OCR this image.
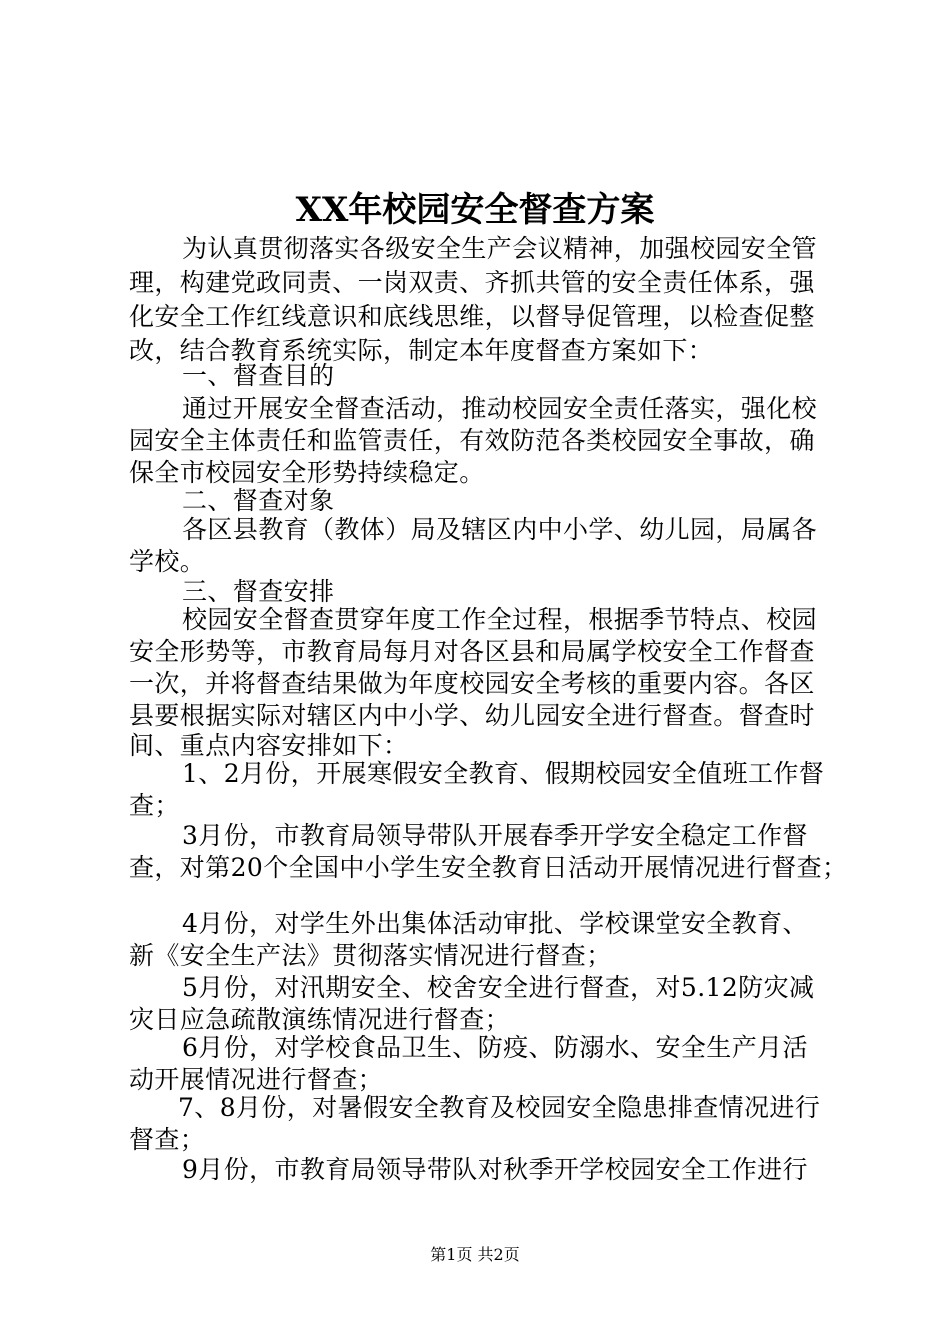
XX年校园安全督查方案
为认真贯彻落实各级安全生产会议精神，加强校园安全管
理，构建党政同责、一岗双责、齐抓共管的安全责任体系，强
化安全工作红线意识和底线思维，以督导促管理，以检查促整
改，结合教育系统实际，制定本年度督查方案如下：
一、督查目的
通过开展安全督查活动，推动校园安全责任落实，强化校
园安全主体责任和监管责任，有效防范各类校园安全事故，确
保全市校园安全形势持续稳定。
二、督查对象
各区县教育（教体）局及辖区内中小学、幼儿园，局属各
学校。
三、督查安排
校园安全督查贯穿年度工作全过程，根据季节特点、校园
安全形势等，市教育局每月对各区县和局属学校安全工作督查
一次，并将督查结果做为年度校园安全考核的重要内容。各区
县要根据实际对辖区内中小学、幼儿园安全进行督查。督查时
间、重点内容安排如下：
1、2月份，开展寒假安全教育、假期校园安全值班工作督
查；
3月份，市教育局领导带队开展春季开学安全稳定工作督
查，对第20个全国中小学生安全教育日活动开展情况进行督查；
4月份，对学生外出集体活动审批、学校课堂安全教育、
新《安全生产法》贯彻落实情况进行督查；
5月份，对汛期安全、校舍安全进行督查，对5.12防灾减
灾日应急疏散演练情况进行督查；
6月份，对学校食品卫生、防疫、防溺水、安全生产月活
动开展情况进行督查；
7、8月份，对暑假安全教育及校园安全隐患排查情况进行
督查；
9月份，市教育局领导带队对秋季开学校园安全工作进行
第1页 共2页
